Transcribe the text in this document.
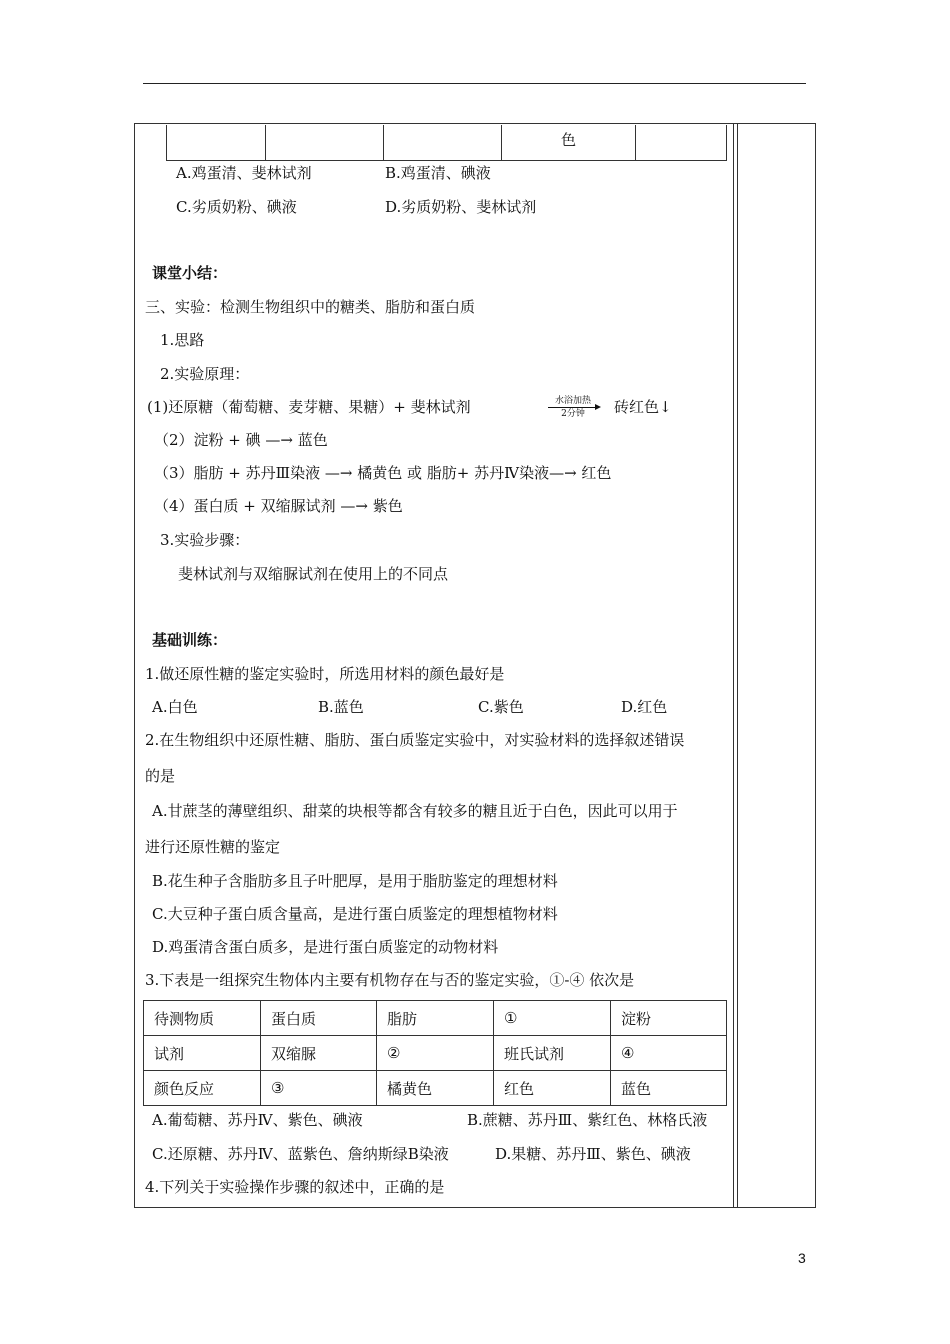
			色	
A.鸡蛋清、斐林试剂	B.鸡蛋清、碘液
C.劣质奶粉、碘液	D.劣质奶粉、斐林试剂
课堂小结：
三、实验：检测生物组织中的糖类、脂肪和蛋白质
1.思路
2.实验原理：
(1)还原糖（葡萄糖、麦芽糖、果糖）+ 斐林试剂	水浴加热
2分钟	砖红色↓
（2）淀粉 + 碘 —→ 蓝色
（3）脂肪 + 苏丹Ⅲ染液 —→ 橘黄色 或 脂肪+ 苏丹Ⅳ染液—→ 红色
（4）蛋白质 + 双缩脲试剂 —→ 紫色
3.实验步骤：
斐林试剂与双缩脲试剂在使用上的不同点
基础训练：
1.做还原性糖的鉴定实验时，所选用材料的颜色最好是
A.白色	B.蓝色	C.紫色	D.红色
2.在生物组织中还原性糖、脂肪、蛋白质鉴定实验中，对实验材料的选择叙述错误
的是
A.甘蔗茎的薄壁组织、甜菜的块根等都含有较多的糖且近于白色，因此可以用于
进行还原性糖的鉴定
B.花生种子含脂肪多且子叶肥厚，是用于脂肪鉴定的理想材料
C.大豆种子蛋白质含量高，是进行蛋白质鉴定的理想植物材料
D.鸡蛋清含蛋白质多，是进行蛋白质鉴定的动物材料
3.下表是一组探究生物体内主要有机物存在与否的鉴定实验，①-④ 依次是
待测物质	蛋白质	脂肪	①	淀粉
试剂	双缩脲	②	班氏试剂	④
颜色反应	③	橘黄色	红色	蓝色
A.葡萄糖、苏丹Ⅳ、紫色、碘液	B.蔗糖、苏丹Ⅲ、紫红色、林格氏液
C.还原糖、苏丹Ⅳ、蓝紫色、詹纳斯绿B染液	D.果糖、苏丹Ⅲ、紫色、碘液
4.下列关于实验操作步骤的叙述中，正确的是
3
